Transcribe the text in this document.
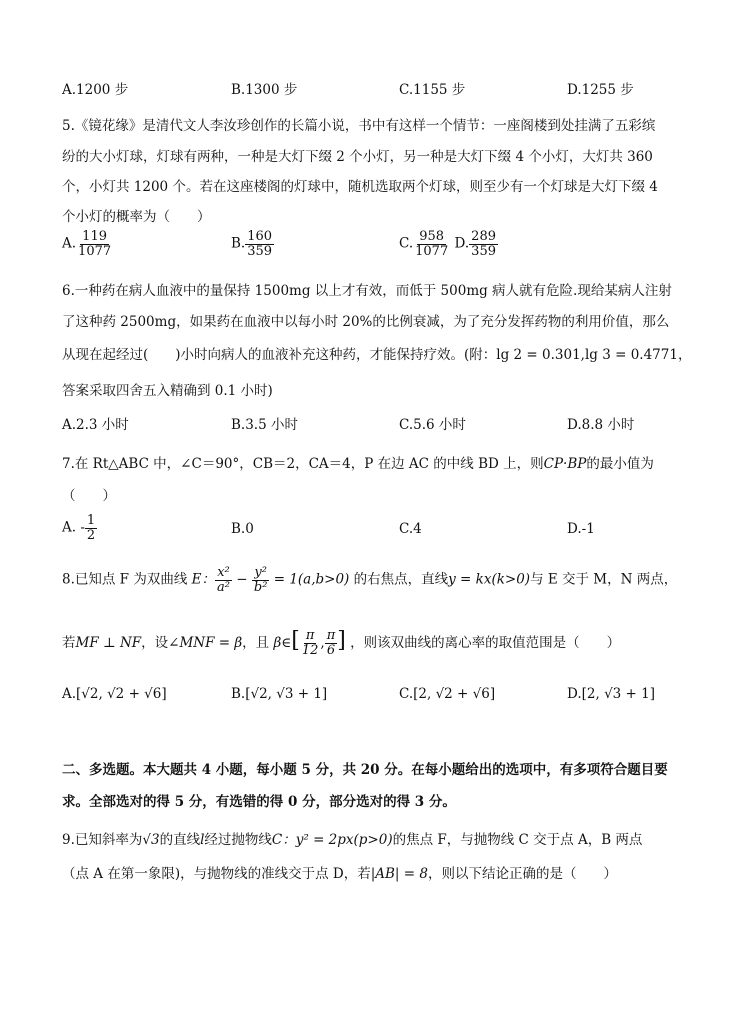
A.1200 步	B.1300 步	C.1155 步	D.1255 步
5.《镜花缘》是清代文人李汝珍创作的长篇小说，书中有这样一个情节：一座阁楼到处挂满了五彩缤
纷的大小灯球，灯球有两种，一种是大灯下缀 2 个小灯，另一种是大灯下缀 4 个小灯，大灯共 360
个，小灯共 1200 个。若在这座楼阁的灯球中，随机选取两个灯球，则至少有一个灯球是大灯下缀 4
个小灯的概率为（　　）
A. $\frac{119}{1077}$	B. $\frac{160}{359}$	C. $\frac{958}{1077} D$. $\frac{289}{359}$
6.一种药在病人血液中的量保持 1500mg 以上才有效，而低于 500mg 病人就有危险.现给某病人注射
了这种药 2500mg，如果药在血液中以每小时 20%的比例衰减，为了充分发挥药物的利用价值，那么
从现在起经过(　　)小时向病人的血液补充这种药，才能保持疗效。(附：lg 2 = 0.301,lg 3 = 0.4771，
答案采取四舍五入精确到 0.1 小时)
A.2.3 小时	B.3.5 小时	C.5.6 小时	D.8.8 小时
7.在 Rt△ABC 中，∠C＝90°，CB＝2，CA＝4，P 在边 AC 的中线 BD 上，则CP·BP的最小值为
（　　）
A. - $\frac{1}{2}$	B.0	C.4	D.-1
8.已知点 F 为双曲线 E： $\frac{\text{x²}}{\text{a²}} - \frac{\text{y²}}{\text{b²}} = 1(a,b>0)$ 的右焦点，直线y = kx(k>0)与 E 交于 M，N 两点，
若MF ⊥ NF，设∠MNF = β，且 β∈[ $\frac{\pi}{12}$ , $\frac{\pi}{6}$ ] ，则该双曲线的离心率的取值范围是（　　）
A.[√2, √2 + √6]	B.[√2, √3 + 1]	C.[2, √2 + √6]	D.[2, √3 + 1]
二、多选题。本大题共 4 小题，每小题 5 分，共 20 分。在每小题给出的选项中，有多项符合题目要
求。全部选对的得 5 分，有选错的得 0 分，部分选对的得 3 分。
9.已知斜率为√3的直线l经过抛物线C：y² = 2px(p>0)的焦点 F，与抛物线 C 交于点 A，B 两点
（点 A 在第一象限)，与抛物线的准线交于点 D，若|AB| = 8，则以下结论正确的是（　　）
